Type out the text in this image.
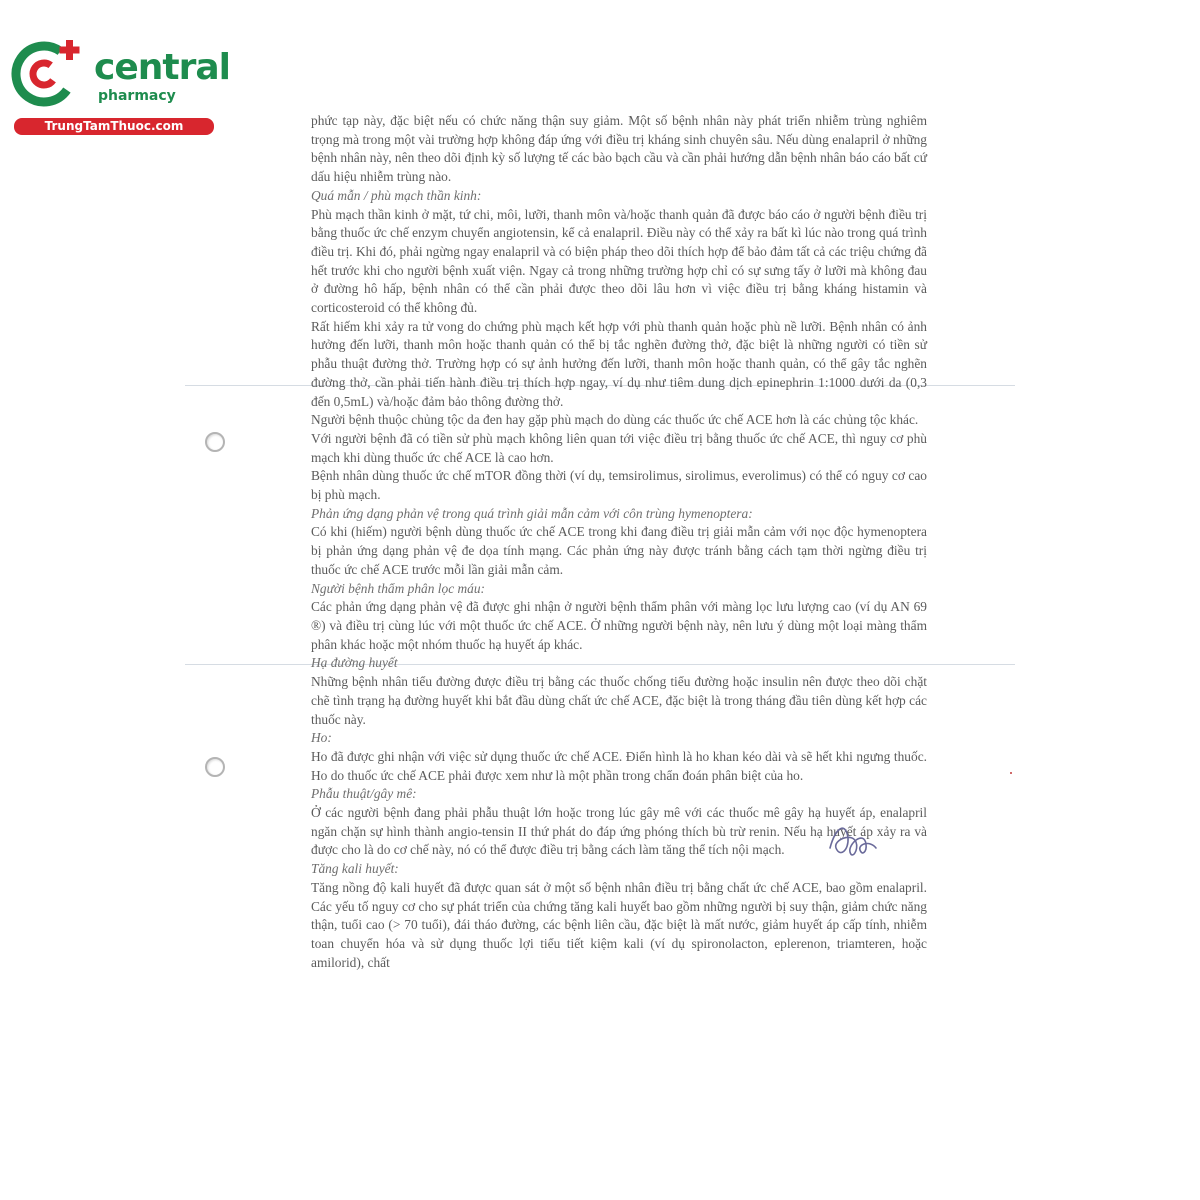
central
pharmacy
TrungTamThuoc.com	phức tạp này, đặc biệt nếu có chức năng thận suy giảm. Một số bệnh nhân này phát triển nhiễm trùng nghiêm trọng mà trong một vài trường hợp không đáp ứng với điều trị kháng sinh chuyên sâu. Nếu dùng enalapril ở những bệnh nhân này, nên theo dõi định kỳ số lượng tế các bào bạch cầu và cần phải hướng dẫn bệnh nhân báo cáo bất cứ dấu hiệu nhiễm trùng nào.

Quá mẫn / phù mạch thần kinh:

Phù mạch thần kinh ở mặt, tứ chi, môi, lưỡi, thanh môn và/hoặc thanh quản đã được báo cáo ở người bệnh điều trị bằng thuốc ức chế enzym chuyển angiotensin, kể cả enalapril. Điều này có thể xảy ra bất kì lúc nào trong quá trình điều trị. Khi đó, phải ngừng ngay enalapril và có biện pháp theo dõi thích hợp để bảo đảm tất cả các triệu chứng đã hết trước khi cho người bệnh xuất viện. Ngay cả trong những trường hợp chỉ có sự sưng tấy ở lưỡi mà không đau ở đường hô hấp, bệnh nhân có thể cần phải được theo dõi lâu hơn vì việc điều trị bằng kháng histamin và corticosteroid có thể không đủ.

Rất hiếm khi xảy ra tử vong do chứng phù mạch kết hợp với phù thanh quản hoặc phù nề lưỡi. Bệnh nhân có ảnh hưởng đến lưỡi, thanh môn hoặc thanh quản có thể bị tắc nghẽn đường thở, đặc biệt là những người có tiền sử phẫu thuật đường thở. Trường hợp có sự ảnh hưởng đến lưỡi, thanh môn hoặc thanh quản, có thể gây tắc nghẽn đường thở, cần phải tiến hành điều trị thích hợp ngay, ví dụ như tiêm dung dịch epinephrin 1:1000 dưới da (0,3 đến 0,5mL) và/hoặc đảm bảo thông đường thở.

Người bệnh thuộc chủng tộc da đen hay gặp phù mạch do dùng các thuốc ức chế ACE hơn là các chủng tộc khác.

Với người bệnh đã có tiền sử phù mạch không liên quan tới việc điều trị bằng thuốc ức chế ACE, thì nguy cơ phù mạch khi dùng thuốc ức chế ACE là cao hơn.

Bệnh nhân dùng thuốc ức chế mTOR đồng thời (ví dụ, temsirolimus, sirolimus, everolimus) có thể có nguy cơ cao bị phù mạch.

Phản ứng dạng phản vệ trong quá trình giải mẫn cảm với côn trùng hymenoptera:

Có khi (hiếm) người bệnh dùng thuốc ức chế ACE trong khi đang điều trị giải mẫn cảm với nọc độc hymenoptera bị phản ứng dạng phản vệ đe dọa tính mạng. Các phản ứng này được tránh bằng cách tạm thời ngừng điều trị thuốc ức chế ACE trước mỗi lần giải mẫn cảm.

Người bệnh thẩm phân lọc máu:

Các phản ứng dạng phản vệ đã được ghi nhận ở người bệnh thẩm phân với màng lọc lưu lượng cao (ví dụ AN 69 ®) và điều trị cùng lúc với một thuốc ức chế ACE. Ở những người bệnh này, nên lưu ý dùng một loại màng thẩm phân khác hoặc một nhóm thuốc hạ huyết áp khác.

Hạ đường huyết

Những bệnh nhân tiểu đường được điều trị bằng các thuốc chống tiểu đường hoặc insulin nên được theo dõi chặt chẽ tình trạng hạ đường huyết khi bắt đầu dùng chất ức chế ACE, đặc biệt là trong tháng đầu tiên dùng kết hợp các thuốc này.

Ho:

Ho đã được ghi nhận với việc sử dụng thuốc ức chế ACE. Điển hình là ho khan kéo dài và sẽ hết khi ngưng thuốc. Ho do thuốc ức chế ACE phải được xem như là một phần trong chẩn đoán phân biệt của ho.

Phẫu thuật/gây mê:

Ở các người bệnh đang phải phẫu thuật lớn hoặc trong lúc gây mê với các thuốc mê gây hạ huyết áp, enalapril ngăn chặn sự hình thành angio-tensin II thứ phát do đáp ứng phóng thích bù trừ renin. Nếu hạ huyết áp xảy ra và được cho là do cơ chế này, nó có thể được điều trị bằng cách làm tăng thể tích nội mạch.

Tăng kali huyết:

Tăng nồng độ kali huyết đã được quan sát ở một số bệnh nhân điều trị bằng chất ức chế ACE, bao gồm enalapril. Các yếu tố nguy cơ cho sự phát triển của chứng tăng kali huyết bao gồm những người bị suy thận, giảm chức năng thận, tuổi cao (> 70 tuổi), đái tháo đường, các bệnh liên cầu, đặc biệt là mất nước, giảm huyết áp cấp tính, nhiễm toan chuyển hóa và sử dụng thuốc lợi tiểu tiết kiệm kali (ví dụ spironolacton, eplerenon, triamteren, hoặc amilorid), chất
